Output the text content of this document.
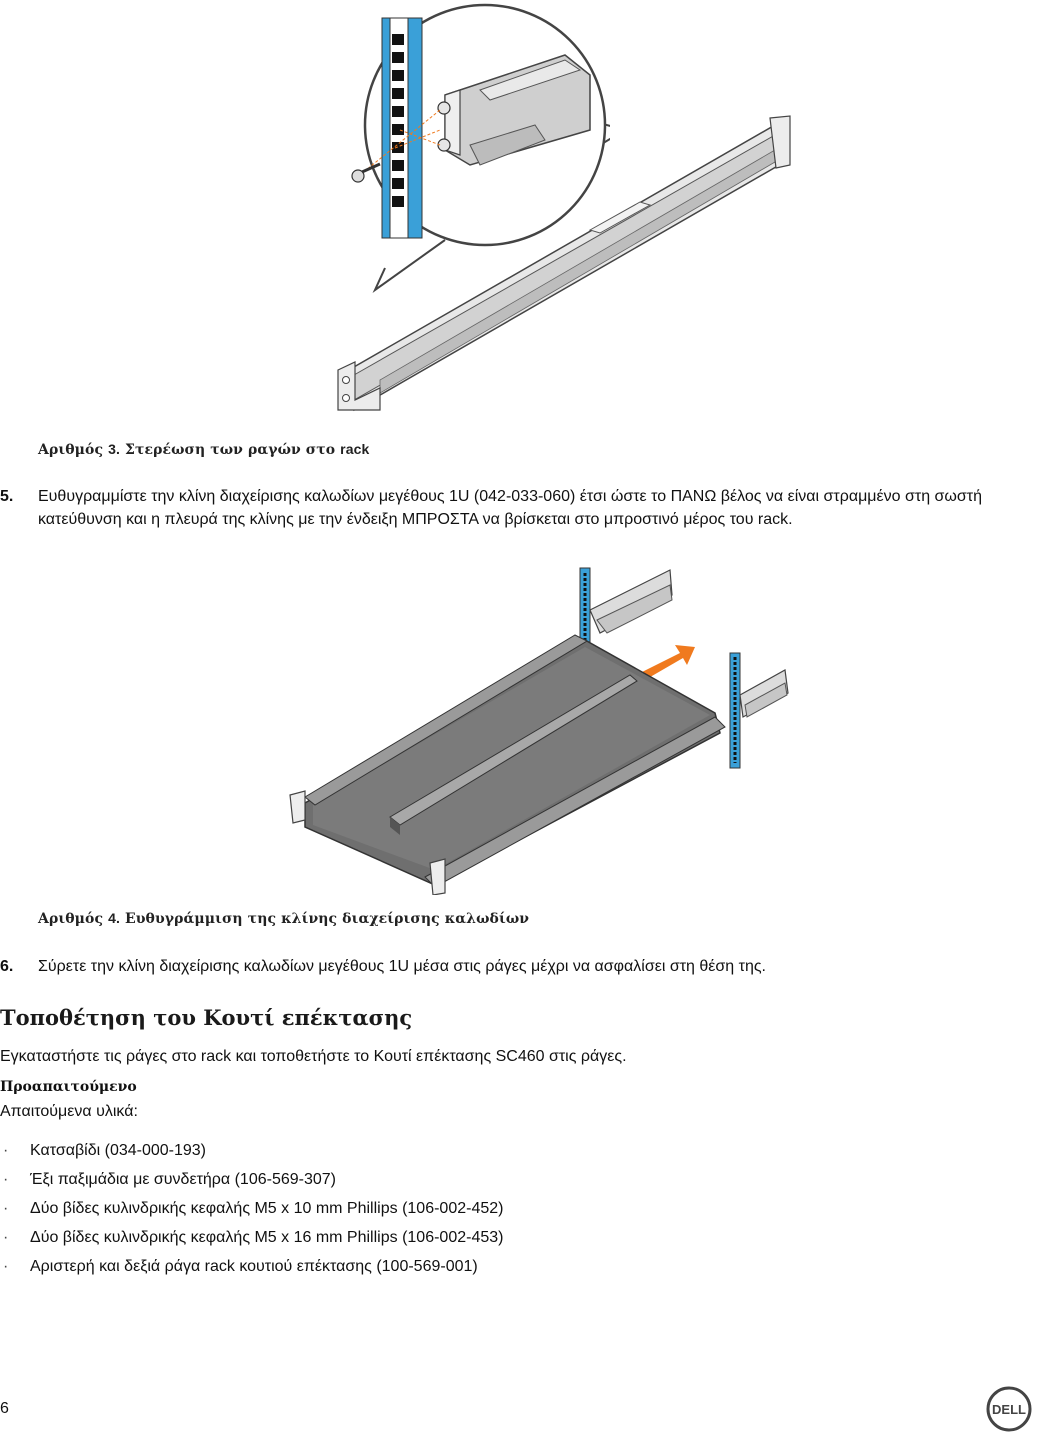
Αριθμός 3. Στερέωση των ραγών στο rack
5. Ευθυγραμμίστε την κλίνη διαχείρισης καλωδίων μεγέθους 1U (042-033-060) έτσι ώστε το ΠΑΝΩ βέλος να είναι στραμμένο στη σωστή κατεύθυνση και η πλευρά της κλίνης με την ένδειξη ΜΠΡΟΣΤΑ να βρίσκεται στο μπροστινό μέρος του rack.
Αριθμός 4. Ευθυγράμμιση της κλίνης διαχείρισης καλωδίων
6. Σύρετε την κλίνη διαχείρισης καλωδίων μεγέθους 1U μέσα στις ράγες μέχρι να ασφαλίσει στη θέση της.
Τοποθέτηση του Κουτί επέκτασης
Εγκαταστήστε τις ράγες στο rack και τοποθετήστε το Κουτί επέκτασης SC460 στις ράγες.
Προαπαιτούμενο
Απαιτούμενα υλικά:
· Κατσαβίδι (034-000-193)
· Έξι παξιμάδια με συνδετήρα (106-569-307)
· Δύο βίδες κυλινδρικής κεφαλής M5 x 10 mm Phillips (106-002-452)
· Δύο βίδες κυλινδρικής κεφαλής M5 x 16 mm Phillips (106-002-453)
· Αριστερή και δεξιά ράγα rack κουτιού επέκτασης (100-569-001)
6	DELL
